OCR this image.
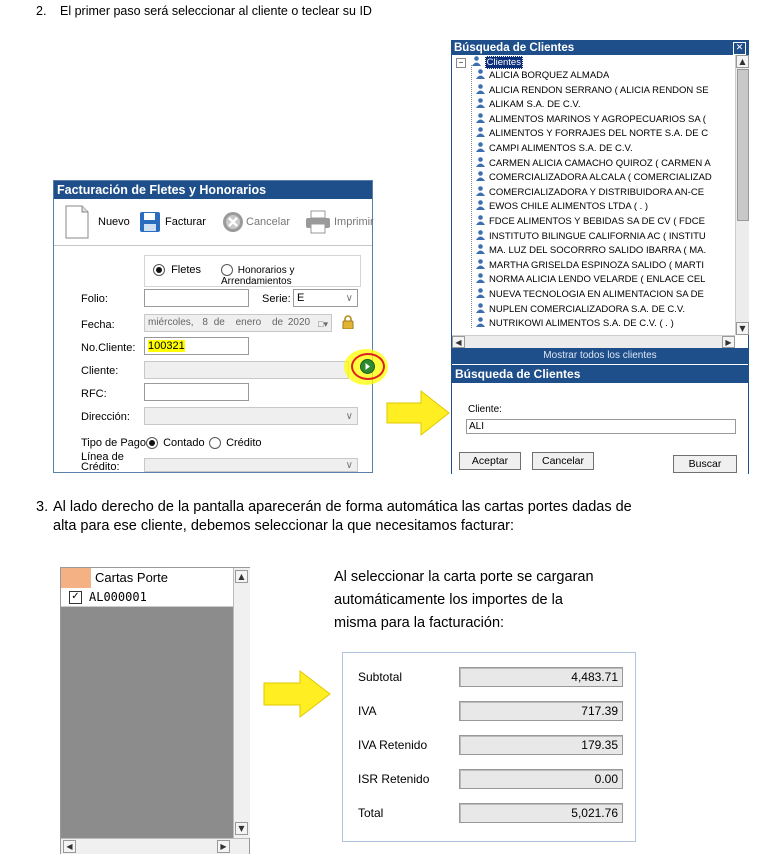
2. El primer paso será seleccionar al cliente o teclear su ID
Facturación de Fletes y Honorarios
Nuevo	Facturar	Cancelar	Imprimir
Fletes	Honorarios y Arrendamientos
Folio:	Serie: E	∨
Fecha:	miércoles, 8 de enero de 2020 □▾
No.Cliente:	100321
Cliente:
RFC:
Dirección:	∨
Tipo de Pago	Contado	Crédito
Línea de
Crédito:	∨
Búsqueda de Clientes	✕
− Clientes
ALICIA BORQUEZ ALMADA
ALICIA RENDON SERRANO ( ALICIA RENDON SE
ALIKAM S.A. DE C.V.
ALIMENTOS MARINOS Y AGROPECUARIOS SA (
ALIMENTOS Y FORRAJES DEL NORTE S.A. DE C
CAMPI ALIMENTOS S.A. DE C.V.
CARMEN ALICIA CAMACHO QUIROZ ( CARMEN A
COMERCIALIZADORA ALCALA ( COMERCIALIZAD
COMERCIALIZADORA Y DISTRIBUIDORA AN-CE
EWOS CHILE ALIMENTOS LTDA ( . )
FDCE ALIMENTOS Y BEBIDAS SA DE CV ( FDCE
INSTITUTO BILINGUE CALIFORNIA AC ( INSTITU
MA. LUZ DEL SOCORRRO SALIDO IBARRA ( MA.
MARTHA GRISELDA ESPINOZA SALIDO ( MARTI
NORMA ALICIA LENDO VELARDE ( ENLACE CEL
NUEVA TECNOLOGIA EN ALIMENTACION SA DE
NUPLEN COMERCIALIZADORA S.A. DE C.V.
NUTRIKOWI ALIMENTOS S.A. DE C.V. ( . )
▲
▼
◀	▶
Mostrar todos los clientes
Búsqueda de Clientes
Cliente:
ALI
Aceptar	Cancelar	Buscar
3. Al lado derecho de la pantalla aparecerán de forma automática las cartas portes dadas de
alta para ese cliente, debemos seleccionar la que necesitamos facturar:
Cartas Porte
✓ AL000001
▲
▼
◀	▶
Al seleccionar la carta porte se cargaran
automáticamente los importes de la
misma para la facturación:
Subtotal	4,483.71
IVA	717.39
IVA Retenido	179.35
ISR Retenido	0.00
Total	5,021.76
